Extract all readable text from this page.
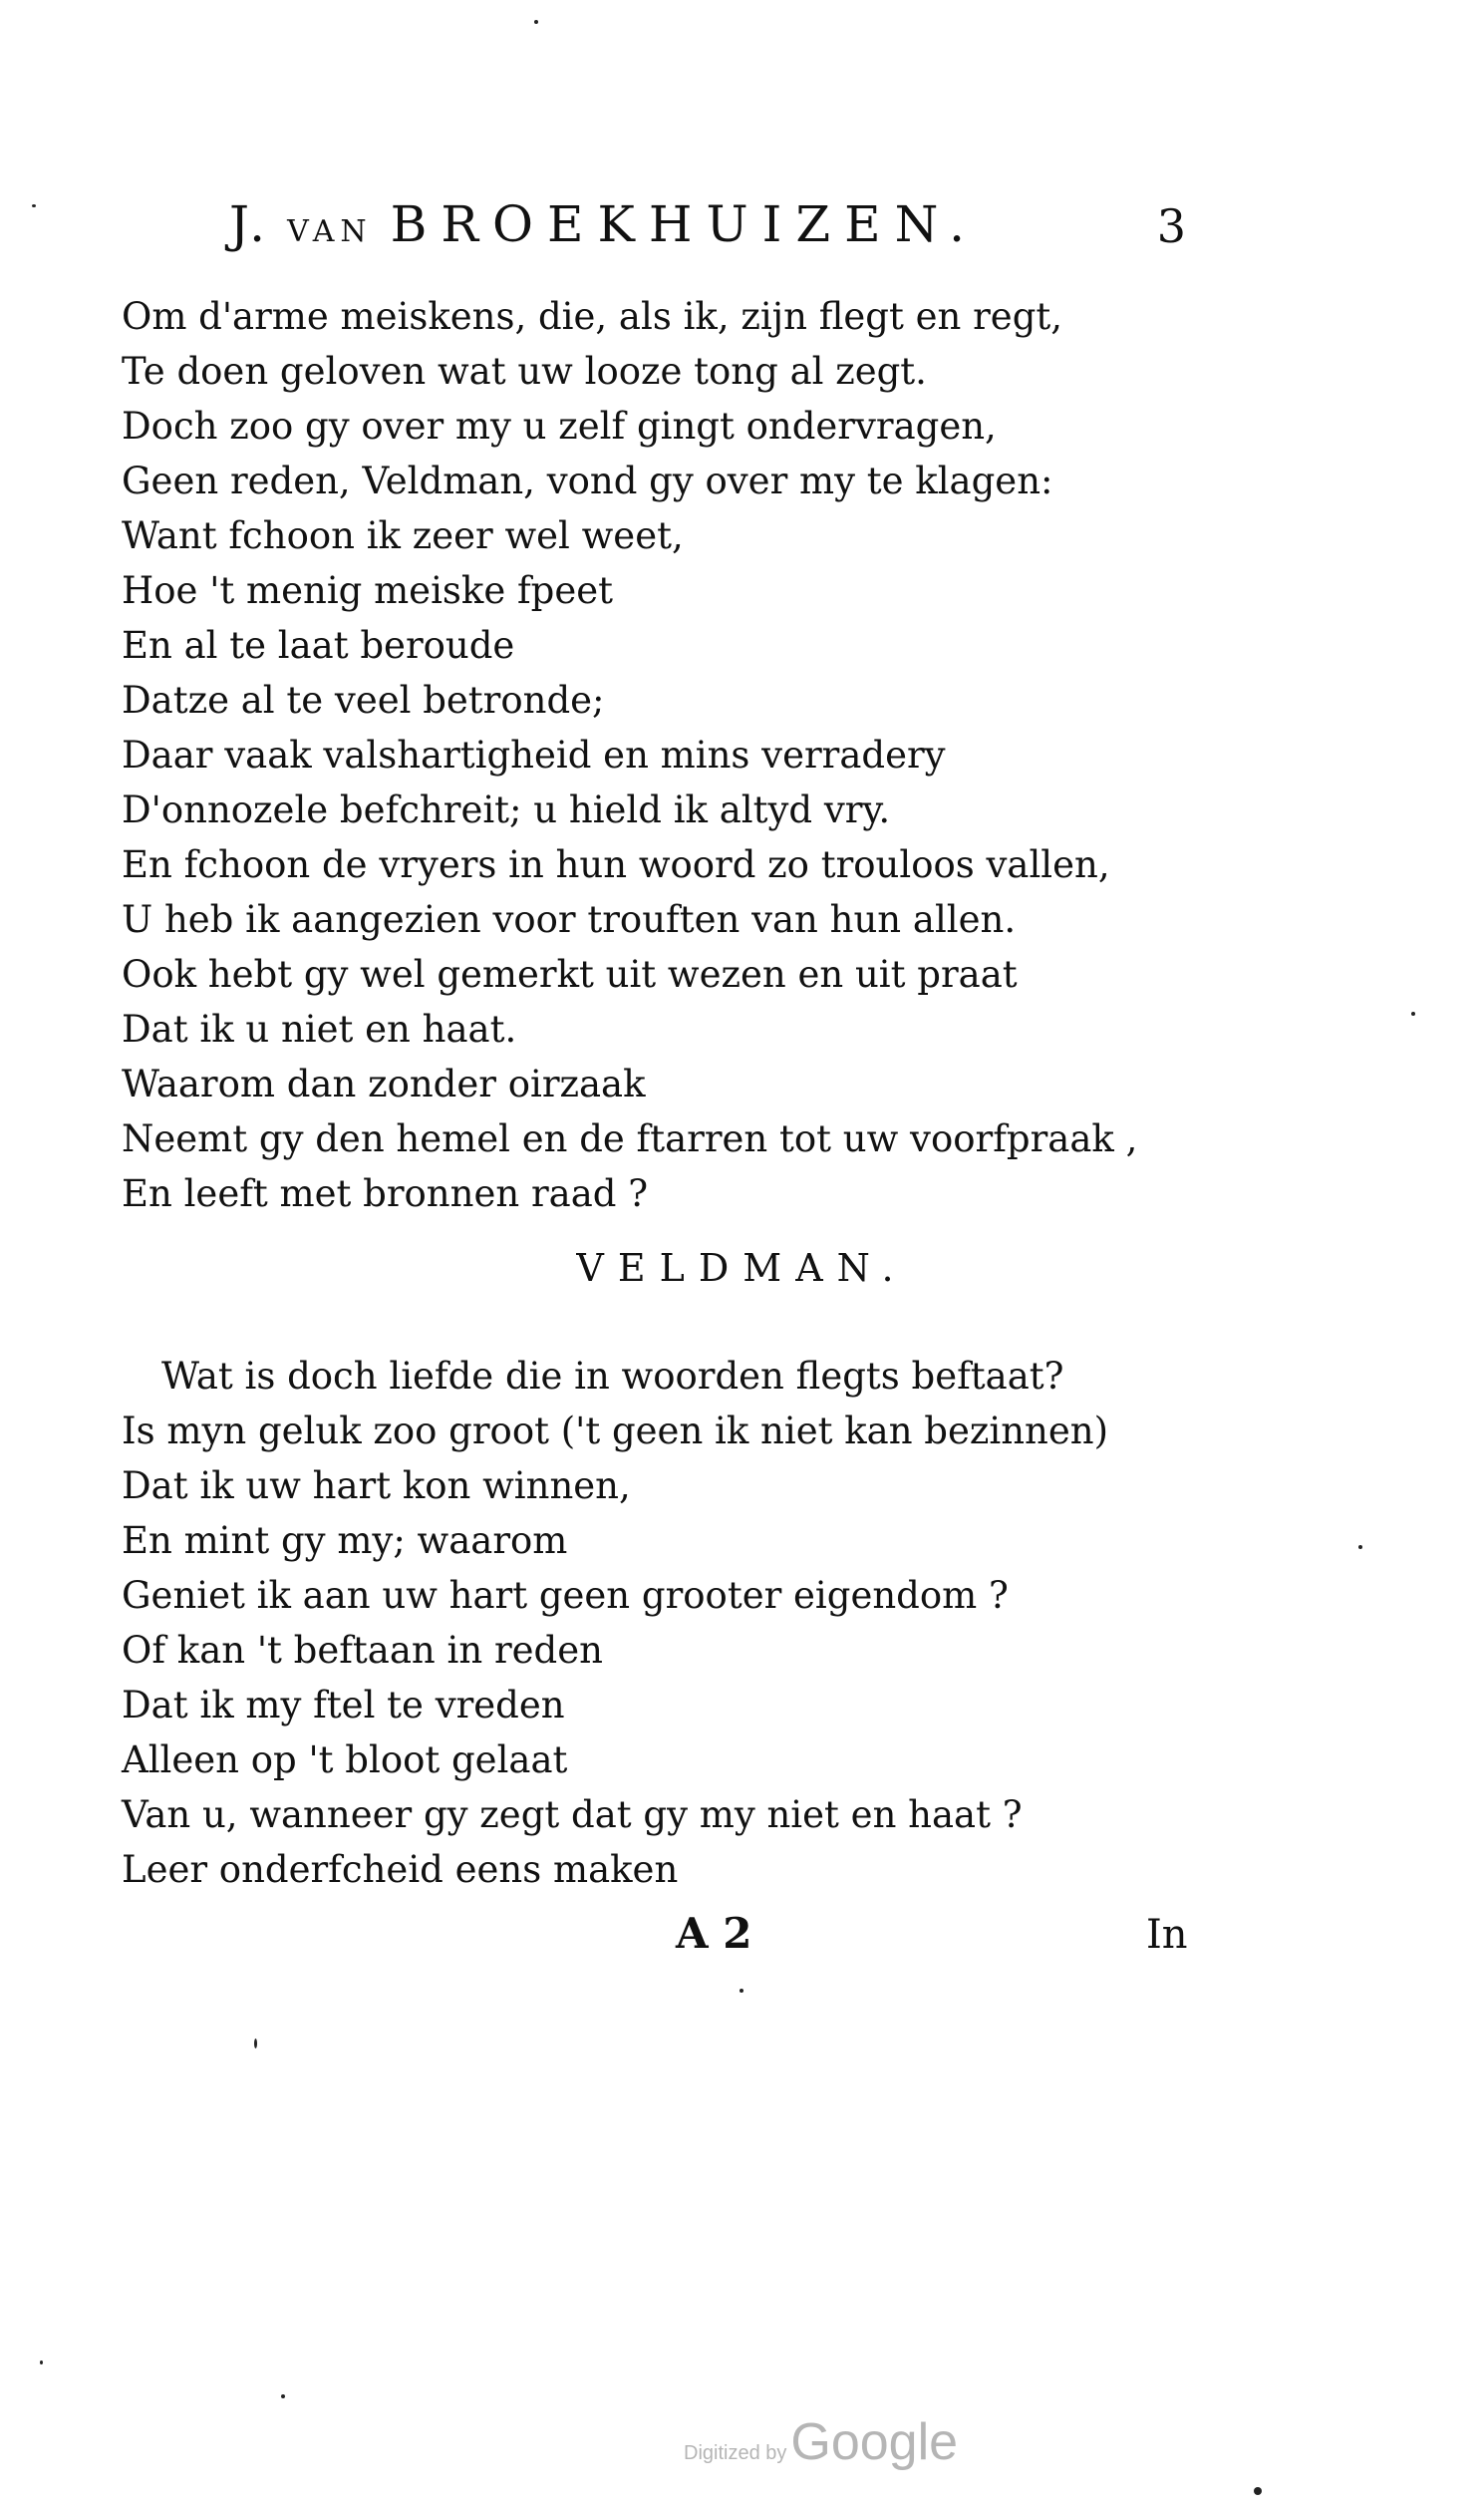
J. VAN BROEKHUIZEN.	3
Om d'arme meiskens, die, als ik, zijn flegt en regt,
Te doen geloven wat uw looze tong al zegt.
Doch zoo gy over my u zelf gingt ondervragen,
Geen reden, Veldman, vond gy over my te klagen:
Want fchoon ik zeer wel weet,
Hoe 't menig meiske fpeet
En al te laat beroude
Datze al te veel betronde;
Daar vaak valshartigheid en mins verradery
D'onnozele befchreit; u hield ik altyd vry.
En fchoon de vryers in hun woord zo trouloos vallen,
U heb ik aangezien voor trouften van hun allen.
Ook hebt gy wel gemerkt uit wezen en uit praat
Dat ik u niet en haat.
Waarom dan zonder oirzaak
Neemt gy den hemel en de ftarren tot uw voorfpraak ,
En leeft met bronnen raad ?
VELDMAN.
Wat is doch liefde die in woorden flegts beftaat?
Is myn geluk zoo groot ('t geen ik niet kan bezinnen)
Dat ik uw hart kon winnen,
En mint gy my; waarom
Geniet ik aan uw hart geen grooter eigendom ?
Of kan 't beftaan in reden
Dat ik my ftel te vreden
Alleen op 't bloot gelaat
Van u, wanneer gy zegt dat gy my niet en haat ?
Leer onderfcheid eens maken
A 2	In
Digitized byGoogle
